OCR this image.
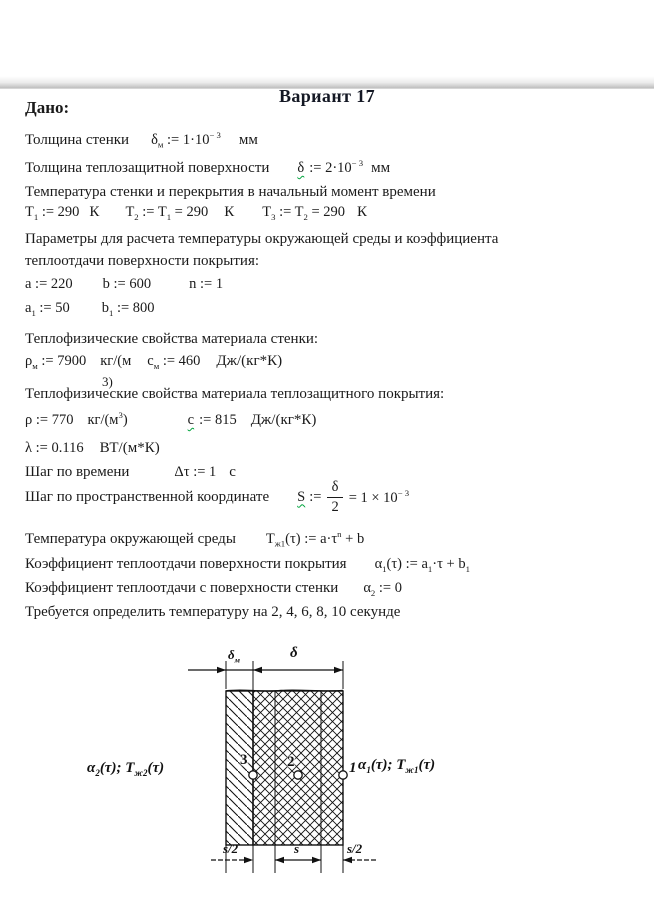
Вариант 17
Дано:
Толщина стенки $\delta_м$ := $1\cdot 10^{- 3}$ мм
Толщина теплозащитной поверхности δ := $2\cdot 10^{- 3}$ мм
Температура стенки и перекрытия в начальный момент времени
$T_1$ := 290 К $T_2$ := $T_1 = 290$ К $T_3$ := $T_2 = 290$ К
Параметры для расчета температуры окружающей среды и коэффициента
теплоотдачи поверхности покрытия:
a := 220 b := 600	n := 1
$a_1$ := 50 $b_1$ := 800
Теплофизические свойства материала стенки:
$\rho_м$ := 7900 кг/(м $c_м$ := 460 Дж/(кг*К)
3)
Теплофизические свойства материала теплозащитного покрытия:
ρ := 770 $кг/(м^3)$	c := 815 Дж/(кг*К)
λ := 0.116 ВТ/(м*К)
Шаг по времени	Δτ := 1 с
Шаг по пространственной координате S := $\frac{\delta}{2} = 1 \times 10^{- 3}$
Температура окружающей среды $T_{ж1}(\tau)$ := $a\cdot\tau^n + b$
Коэффициент теплоотдачи поверхности покрытия $\alpha_1(\tau)$ := $a_1\cdot\tau + b_1$
Коэффициент теплоотдачи с поверхности стенки $\alpha_2$ := 0
Требуется определить температуру на 2, 4, 6, 8, 10 секунде
$\delta_м$	δ
3	2	1
$\alpha_2(\tau)$; $T_{ж2}(\tau)$	$\alpha_1(\tau)$; $T_{ж1}(\tau)$
s/2	s	s/2
